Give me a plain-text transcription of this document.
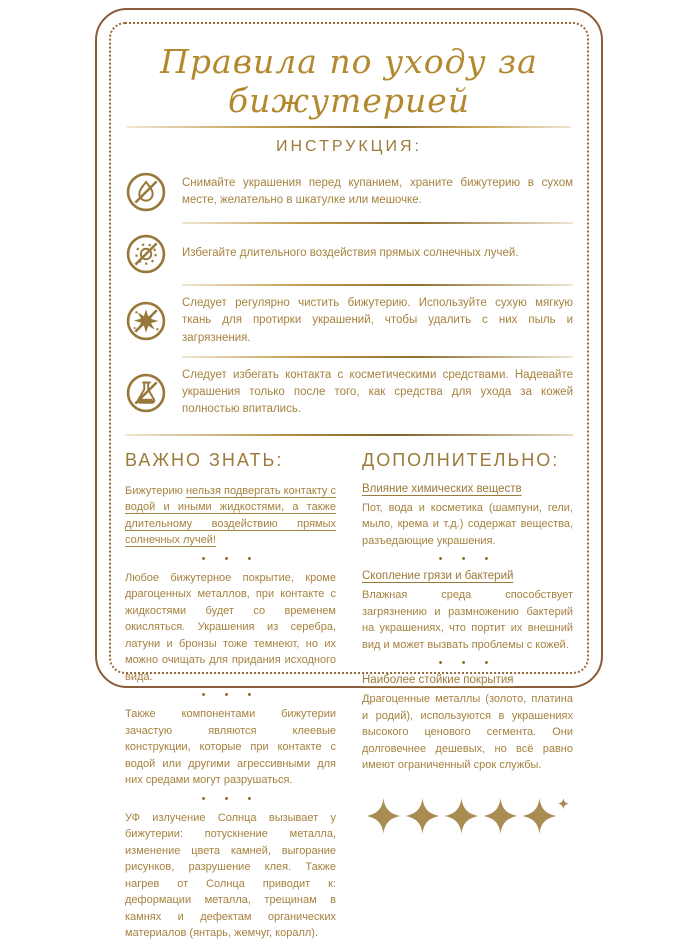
Правила по уходу за бижутерией
ИНСТРУКЦИЯ:

Снимайте украшения перед купанием, храните бижутерию в сухом месте, желательно в шкатулке или мешочке.

Избегайте длительного воздействия прямых солнечных лучей.

Следует регулярно чистить бижутерию. Используйте сухую мягкую ткань для протирки украшений, чтобы удалить с них пыль и загрязнения.

Следует избегать контакта с косметическими средствами. Надевайте украшения только после того, как средства для ухода за кожей полностью впитались.

ВАЖНО ЗНАТЬ:

Бижутерию нельзя подвергать контакту с водой и иными жидкостями, а также длительному воздействию прямых солнечных лучей!

• • •

Любое бижутерное покрытие, кроме драгоценных металлов, при контакте с жидкостями будет со временем окисляться. Украшения из серебра, латуни и бронзы тоже темнеют, но их можно очищать для придания исходного вида.

• • •

Также компонентами бижутерии зачастую являются клеевые конструкции, которые при контакте с водой или другими агрессивными для них средами могут разрушаться.

• • •

УФ излучение Солнца вызывает у бижутерии: потускнение металла, изменение цвета камней, выгорание рисунков, разрушение клея. Также нагрев от Солнца приводит к: деформации металла, трещинам в камнях и дефектам органических материалов (янтарь, жемчуг, коралл).

ДОПОЛНИТЕЛЬНО:
Влияние химических веществ

Пот, вода и косметика (шампуни, гели, мыло, крема и т.д.) содержат вещества, разъедающие украшения.

• • •
Скопление грязи и бактерий

Влажная среда способствует загрязнению и размножению бактерий на украшениях, что портит их внешний вид и может вызвать проблемы с кожей.

• • •
Наиболее стойкие покрытия

Драгоценные металлы (золото, платина и родий), используются в украшениях высокого ценового сегмента. Они долговечнее дешевых, но всё равно имеют ограниченный срок службы.
